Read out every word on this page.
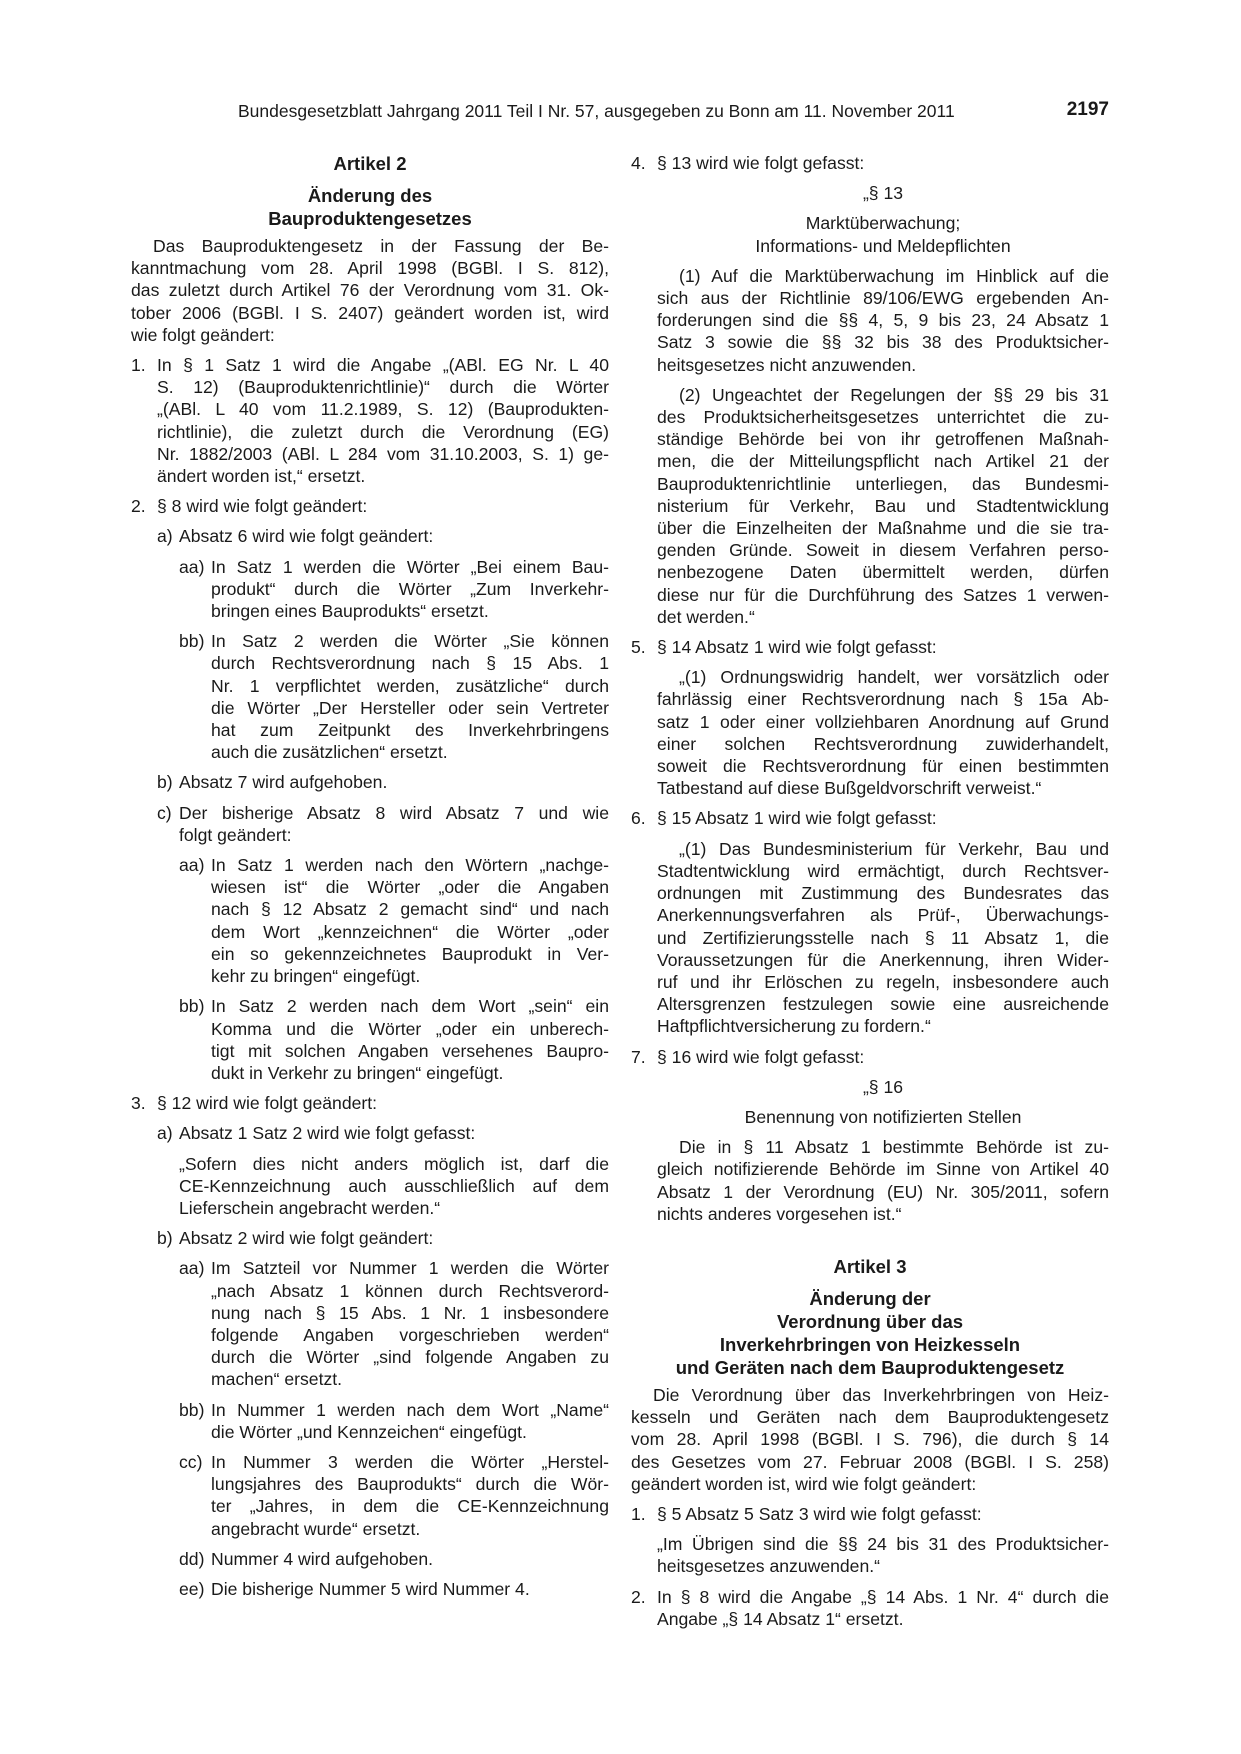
Bundesgesetzblatt Jahrgang 2011 Teil I Nr. 57, ausgegeben zu Bonn am 11. November 2011	2197
Artikel 2
Änderung des
Bauproduktengesetzes
Das Bauproduktengesetz in der Fassung der Be-
kanntmachung vom 28. April 1998 (BGBl. I S. 812),
das zuletzt durch Artikel 76 der Verordnung vom 31. Ok-
tober 2006 (BGBl. I S. 2407) geändert worden ist, wird
wie folgt geändert:
1. In § 1 Satz 1 wird die Angabe „(ABl. EG Nr. L 40
S. 12) (Bauproduktenrichtlinie)“ durch die Wörter
„(ABl. L 40 vom 11.2.1989, S. 12) (Bauprodukten-
richtlinie), die zuletzt durch die Verordnung (EG)
Nr. 1882/2003 (ABl. L 284 vom 31.10.2003, S. 1) ge-
ändert worden ist,“ ersetzt.
2. § 8 wird wie folgt geändert:
a) Absatz 6 wird wie folgt geändert:
aa) In Satz 1 werden die Wörter „Bei einem Bau-
produkt“ durch die Wörter „Zum Inverkehr-
bringen eines Bauprodukts“ ersetzt.
bb) In Satz 2 werden die Wörter „Sie können
durch Rechtsverordnung nach § 15 Abs. 1
Nr. 1 verpflichtet werden, zusätzliche“ durch
die Wörter „Der Hersteller oder sein Vertreter
hat zum Zeitpunkt des Inverkehrbringens
auch die zusätzlichen“ ersetzt.
b) Absatz 7 wird aufgehoben.
c) Der bisherige Absatz 8 wird Absatz 7 und wie
folgt geändert:
aa) In Satz 1 werden nach den Wörtern „nachge-
wiesen ist“ die Wörter „oder die Angaben
nach § 12 Absatz 2 gemacht sind“ und nach
dem Wort „kennzeichnen“ die Wörter „oder
ein so gekennzeichnetes Bauprodukt in Ver-
kehr zu bringen“ eingefügt.
bb) In Satz 2 werden nach dem Wort „sein“ ein
Komma und die Wörter „oder ein unberech-
tigt mit solchen Angaben versehenes Baupro-
dukt in Verkehr zu bringen“ eingefügt.
3. § 12 wird wie folgt geändert:
a) Absatz 1 Satz 2 wird wie folgt gefasst:
„Sofern dies nicht anders möglich ist, darf die
CE-Kennzeichnung auch ausschließlich auf dem
Lieferschein angebracht werden.“
b) Absatz 2 wird wie folgt geändert:
aa) Im Satzteil vor Nummer 1 werden die Wörter
„nach Absatz 1 können durch Rechtsverord-
nung nach § 15 Abs. 1 Nr. 1 insbesondere
folgende Angaben vorgeschrieben werden“
durch die Wörter „sind folgende Angaben zu
machen“ ersetzt.
bb) In Nummer 1 werden nach dem Wort „Name“
die Wörter „und Kennzeichen“ eingefügt.
cc) In Nummer 3 werden die Wörter „Herstel-
lungsjahres des Bauprodukts“ durch die Wör-
ter „Jahres, in dem die CE-Kennzeichnung
angebracht wurde“ ersetzt.
dd) Nummer 4 wird aufgehoben.
ee) Die bisherige Nummer 5 wird Nummer 4.
4. § 13 wird wie folgt gefasst:
„§ 13
Marktüberwachung;
Informations- und Meldepflichten
(1) Auf die Marktüberwachung im Hinblick auf die
sich aus der Richtlinie 89/106/EWG ergebenden An-
forderungen sind die §§ 4, 5, 9 bis 23, 24 Absatz 1
Satz 3 sowie die §§ 32 bis 38 des Produktsicher-
heitsgesetzes nicht anzuwenden.
(2) Ungeachtet der Regelungen der §§ 29 bis 31
des Produktsicherheitsgesetzes unterrichtet die zu-
ständige Behörde bei von ihr getroffenen Maßnah-
men, die der Mitteilungspflicht nach Artikel 21 der
Bauproduktenrichtlinie unterliegen, das Bundesmi-
nisterium für Verkehr, Bau und Stadtentwicklung
über die Einzelheiten der Maßnahme und die sie tra-
genden Gründe. Soweit in diesem Verfahren perso-
nenbezogene Daten übermittelt werden, dürfen
diese nur für die Durchführung des Satzes 1 verwen-
det werden.“
5. § 14 Absatz 1 wird wie folgt gefasst:
„(1) Ordnungswidrig handelt, wer vorsätzlich oder
fahrlässig einer Rechtsverordnung nach § 15a Ab-
satz 1 oder einer vollziehbaren Anordnung auf Grund
einer solchen Rechtsverordnung zuwiderhandelt,
soweit die Rechtsverordnung für einen bestimmten
Tatbestand auf diese Bußgeldvorschrift verweist.“
6. § 15 Absatz 1 wird wie folgt gefasst:
„(1) Das Bundesministerium für Verkehr, Bau und
Stadtentwicklung wird ermächtigt, durch Rechtsver-
ordnungen mit Zustimmung des Bundesrates das
Anerkennungsverfahren als Prüf-, Überwachungs-
und Zertifizierungsstelle nach § 11 Absatz 1, die
Voraussetzungen für die Anerkennung, ihren Wider-
ruf und ihr Erlöschen zu regeln, insbesondere auch
Altersgrenzen festzulegen sowie eine ausreichende
Haftpflichtversicherung zu fordern.“
7. § 16 wird wie folgt gefasst:
„§ 16
Benennung von notifizierten Stellen
Die in § 11 Absatz 1 bestimmte Behörde ist zu-
gleich notifizierende Behörde im Sinne von Artikel 40
Absatz 1 der Verordnung (EU) Nr. 305/2011, sofern
nichts anderes vorgesehen ist.“
Artikel 3
Änderung der
Verordnung über das
Inverkehrbringen von Heizkesseln
und Geräten nach dem Bauproduktengesetz
Die Verordnung über das Inverkehrbringen von Heiz-
kesseln und Geräten nach dem Bauproduktengesetz
vom 28. April 1998 (BGBl. I S. 796), die durch § 14
des Gesetzes vom 27. Februar 2008 (BGBl. I S. 258)
geändert worden ist, wird wie folgt geändert:
1. § 5 Absatz 5 Satz 3 wird wie folgt gefasst:
„Im Übrigen sind die §§ 24 bis 31 des Produktsicher-
heitsgesetzes anzuwenden.“
2. In § 8 wird die Angabe „§ 14 Abs. 1 Nr. 4“ durch die
Angabe „§ 14 Absatz 1“ ersetzt.
